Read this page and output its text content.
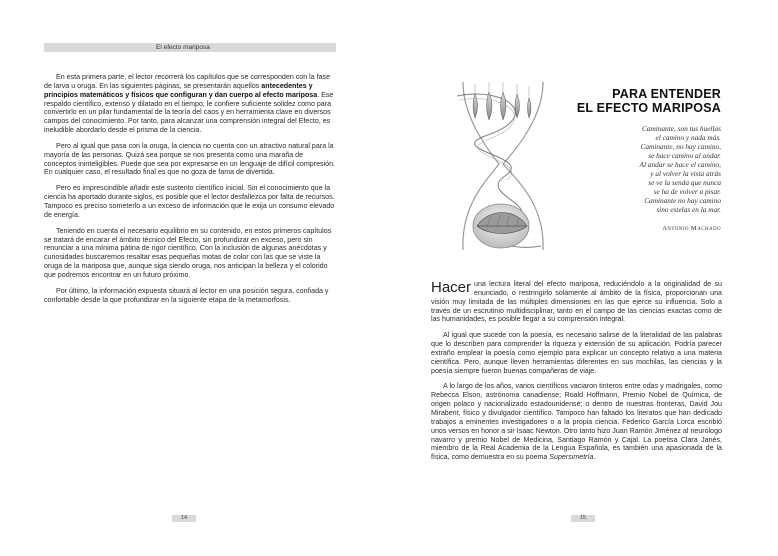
El efecto mariposa

En esta primera parte, el lector recorrerá los capítulos que se corresponden con la fase de larva u oruga. En las siguientes páginas, se presentarán aquellos antecedentes y principios matemáticos y físicos que configuran y dan cuerpo al efecto mariposa. Ese respaldo científico, extenso y dilatado en el tiempo, le confiere suficiente solidez como para convertirlo en un pilar fundamental de la teoría del caos y en herramienta clave en diversos campos del conocimiento. Por tanto, para alcanzar una comprensión integral del Efecto, es ineludible abordarlo desde el prisma de la ciencia.

Pero al igual que pasa con la oruga, la ciencia no cuenta con un atractivo natural para la mayoría de las personas. Quizá sea porque se nos presenta como una maraña de conceptos ininteligibles. Puede que sea por expresarse en un lenguaje de difícil compresión. En cualquier caso, el resultado final es que no goza de fama de divertida.

Pero es imprescindible añadir este sustento científico inicial. Sin el conocimiento que la ciencia ha aportado durante siglos, es posible que el lector desfallezca por falta de recursos. Tampoco es preciso someterlo a un exceso de información que le exija un consumo elevado de energía.

Teniendo en cuenta el necesario equilibrio en su contenido, en estos primeros capítulos se tratará de encarar el ámbito técnico del Efecto, sin profundizar en exceso, pero sin renunciar a una mínima pátina de rigor científico. Con la inclusión de algunas anécdotas y curiosidades buscaremos resaltar esas pequeñas motas de color con las que se viste la oruga de la mariposa que, aunque siga siendo oruga, nos anticipan la belleza y el colorido que podremos encontrar en un futuro próximo.

Por último, la información expuesta situará al lector en una posición segura, confiada y confortable desde la que profundizar en la siguiente etapa de la metamorfosis.

14
PARA ENTENDER
EL EFECTO MARIPOSA
Caminante, son tus huellas
el camino y nada más.
Caminante, no hay camino,
se hace camino al andar.
Al andar se hace el camino,
y al volver la vista atrás
se ve la senda que nunca
se ha de volver a pisar.
Caminante no hay camino
sino estelas en la mar.
Antonio Machado

Hacer una lectura literal del efecto mariposa, reduciéndolo a la originalidad de su enunciado, o restringirlo solamente al ámbito de la física, proporcionan una visión muy limitada de las múltiples dimensiones en las que ejerce su influencia. Solo a través de un escrutinio multidisciplinar, tanto en el campo de las ciencias exactas como de las humanidades, es posible llegar a su comprensión integral.

Al igual que sucede con la poesía, es necesario salirse de la literalidad de las palabras que lo describen para comprender la riqueza y extensión de su aplicación. Podría parecer extraño emplear la poesía como ejemplo para explicar un concepto relativo a una materia científica. Pero, aunque lleven herramientas diferentes en sus mochilas, las ciencias y la poesía siempre fueron buenas compañeras de viaje.

A lo largo de los años, varios científicos vaciaron tinteros entre odas y madrigales, como Rebecca Elson, astrónoma canadiense; Roald Hoffmann, Premio Nobel de Química, de origen polaco y nacionalizado estadounidense; o dentro de nuestras fronteras, David Jou Mirabent, físico y divulgador científico. Tampoco han faltado los literatos que han dedicado trabajos a eminentes investigadores o a la propia ciencia. Federico García Lorca escribió unos versos en honor a sir Isaac Newton. Otro tanto hizo Juan Ramón Jiménez al neurólogo navarro y premio Nobel de Medicina, Santiago Ramón y Cajal. La poetisa Clara Janés, miembro de la Real Academia de la Lengua Española, es también una apasionada de la física, como demuestra en su poema Supersimetría.

15
